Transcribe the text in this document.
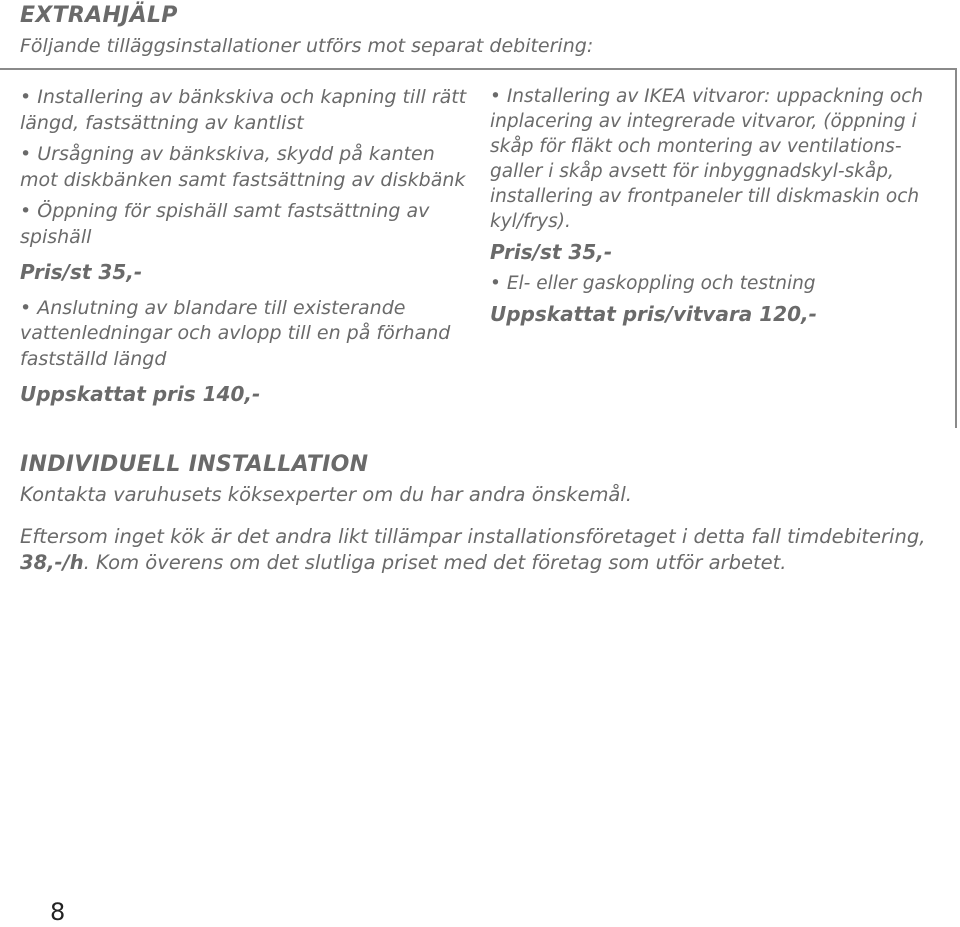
EXTRAHJÄLP
Följande tilläggsinstallationer utförs mot separat debitering:

• Installering av bänkskiva och kapning till rätt längd, fastsättning av kantlist

• Ursågning av bänkskiva, skydd på kanten mot diskbänken samt fastsättning av diskbänk

• Öppning för spishäll samt fastsättning av spishäll

Pris/st 35,-

• Anslutning av blandare till existerande vattenledningar och avlopp till en på förhand fastställd längd

Uppskattat pris 140,-

• Installering av IKEA vitvaror: uppackning och inplacering av integrerade vitvaror, (öppning i skåp för fläkt och montering av ventilations-galler i skåp avsett för inbyggnadskyl-skåp, installering av frontpaneler till diskmaskin och kyl/frys).

Pris/st 35,-

• El- eller gaskoppling och testning

Uppskattat pris/vitvara 120,-

INDIVIDUELL INSTALLATION
Kontakta varuhusets köksexperter om du har andra önskemål.
Eftersom inget kök är det andra likt tillämpar installationsföretaget i detta fall timdebitering, 38,-/h. Kom överens om det slutliga priset med det företag som utför arbetet.
8
